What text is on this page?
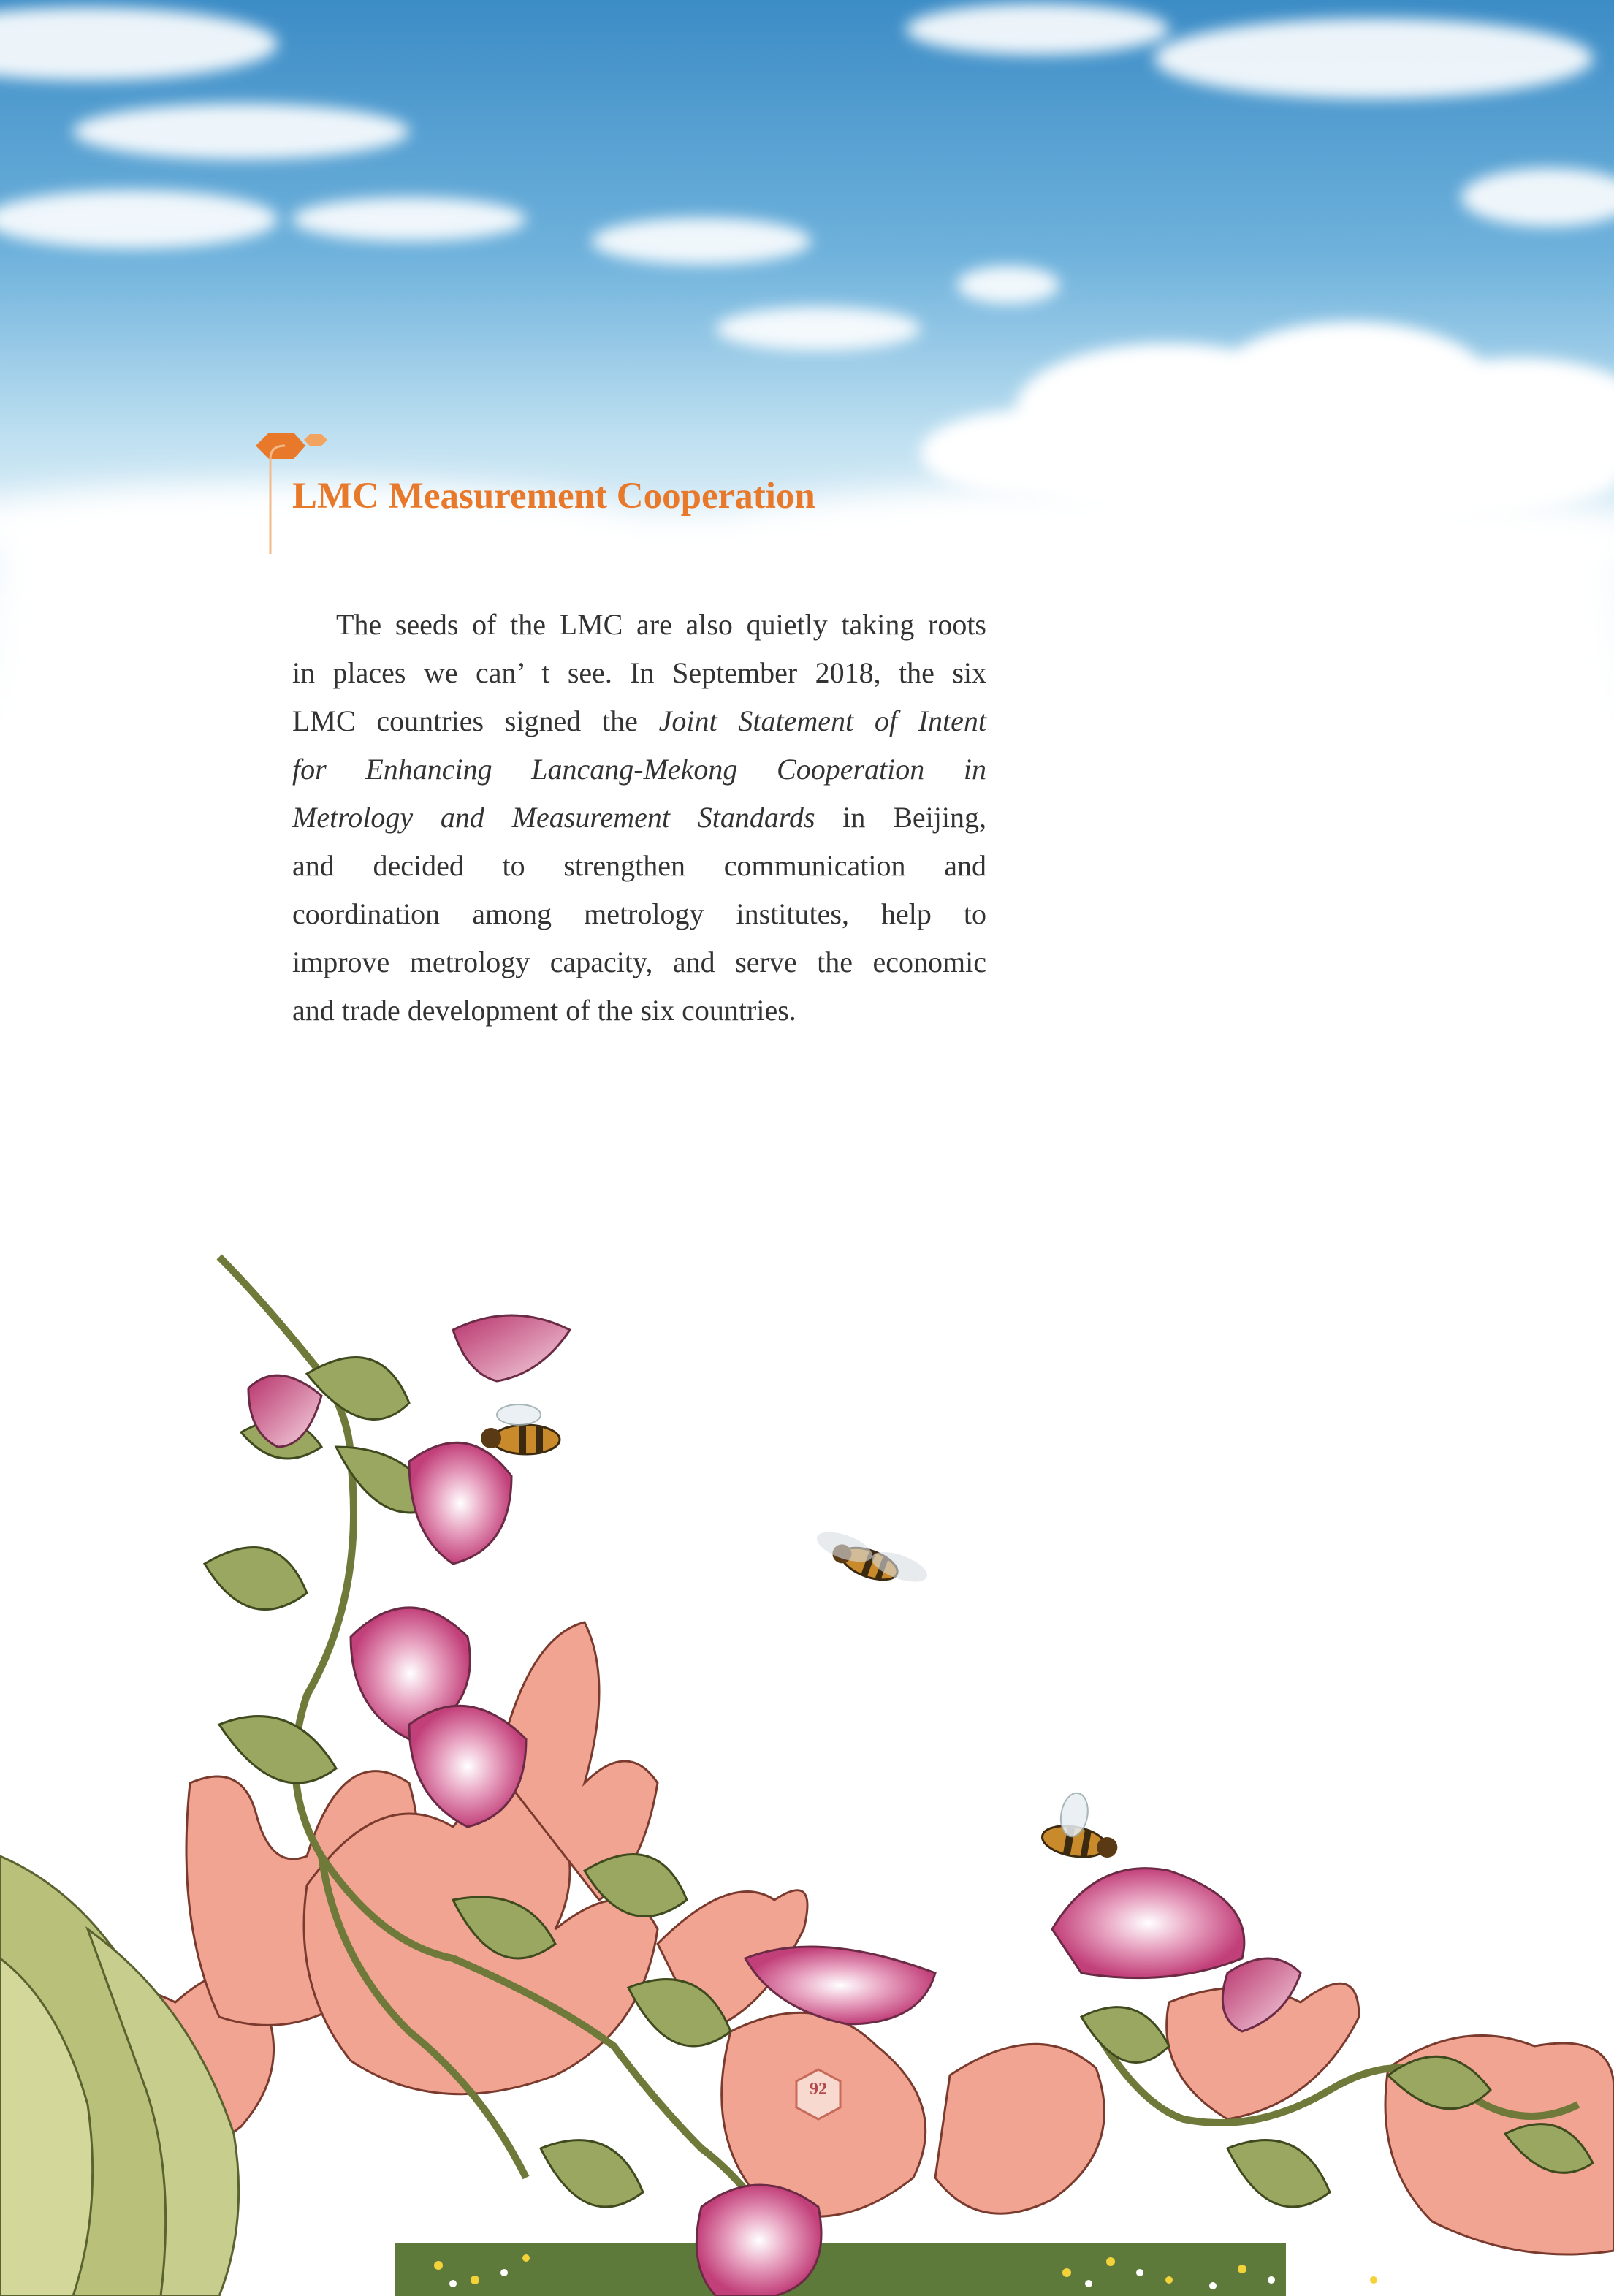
LMC Measurement Cooperation
The seeds of the LMC are also quietly taking roots
in places we can’ t see. In September 2018, the six
LMC countries signed the Joint Statement of Intent
for Enhancing Lancang-Mekong Cooperation in
Metrology and Measurement Standards in Beijing,
and decided to strengthen communication and
coordination among metrology institutes, help to
improve metrology capacity, and serve the economic
and trade development of the six countries.
92
